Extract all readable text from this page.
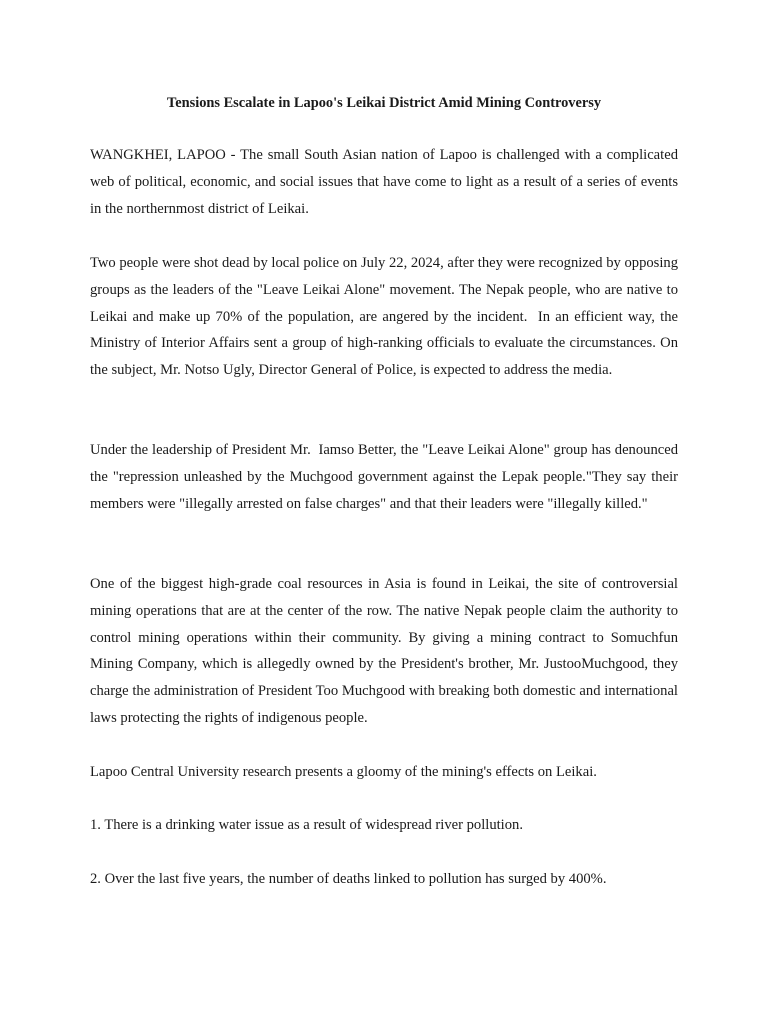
Tensions Escalate in Lapoo's Leikai District Amid Mining Controversy

WANGKHEI, LAPOO - The small South Asian nation of Lapoo is challenged with a complicated web of political, economic, and social issues that have come to light as a result of a series of events in the northernmost district of Leikai.

Two people were shot dead by local police on July 22, 2024, after they were recognized by opposing groups as the leaders of the "Leave Leikai Alone" movement. The Nepak people, who are native to Leikai and make up 70% of the population, are angered by the incident.  In an efficient way, the Ministry of Interior Affairs sent a group of high-ranking officials to evaluate the circumstances. On the subject, Mr. Notso Ugly, Director General of Police, is expected to address the media.

Under the leadership of President Mr.  Iamso Better, the "Leave Leikai Alone" group has denounced the "repression unleashed by the Muchgood government against the Lepak people."They say their members were "illegally arrested on false charges" and that their leaders were "illegally killed."

One of the biggest high-grade coal resources in Asia is found in Leikai, the site of controversial mining operations that are at the center of the row. The native Nepak people claim the authority to control mining operations within their community. By giving a mining contract to Somuchfun Mining Company, which is allegedly owned by the President's brother, Mr. JustooMuchgood, they charge the administration of President Too Muchgood with breaking both domestic and international laws protecting the rights of indigenous people.

Lapoo Central University research presents a gloomy of the mining's effects on Leikai.

1. There is a drinking water issue as a result of widespread river pollution.

2. Over the last five years, the number of deaths linked to pollution has surged by 400%.
